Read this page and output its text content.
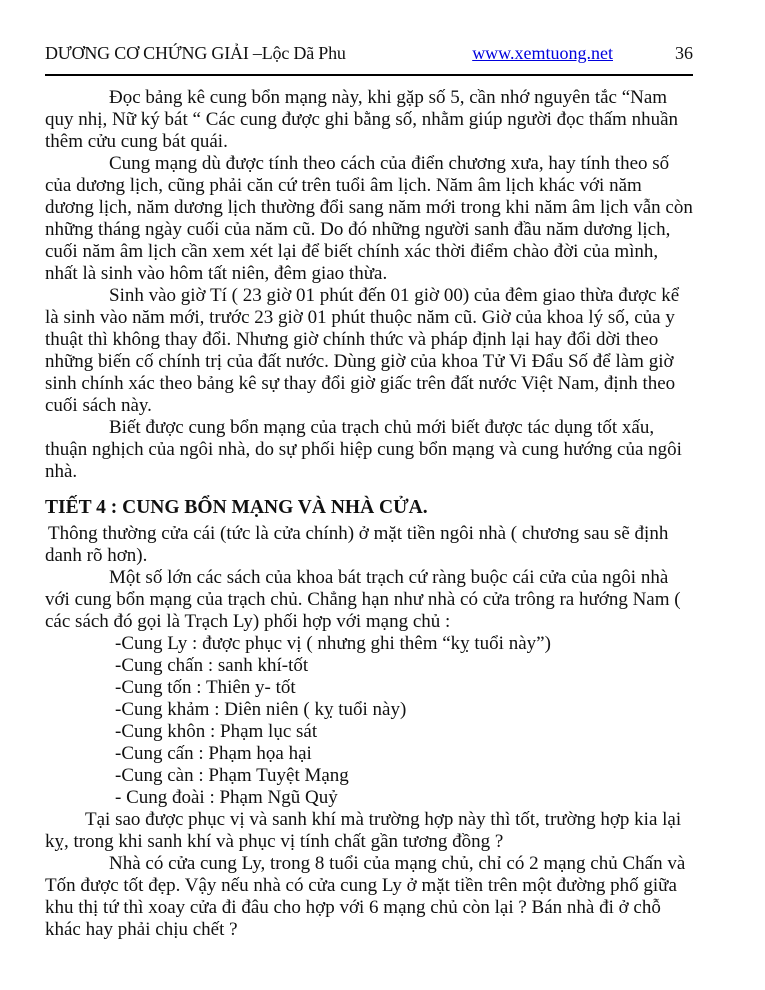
DƯƠNG CƠ CHỨNG GIẢI –Lộc Dã Phu	www.xemtuong.net	36

Đọc bảng kê cung bổn mạng này, khi gặp số 5, cần nhớ nguyên tắc “Nam quy nhị, Nữ ký bát “ Các cung được ghi bằng số, nhằm giúp người đọc thấm nhuần thêm cửu cung bát quái.

Cung mạng dù được tính theo cách của điển chương xưa, hay tính theo số của dương lịch, cũng phải căn cứ trên tuổi âm lịch. Năm âm lịch khác với năm dương lịch, năm dương lịch thường đổi sang năm mới trong khi năm âm lịch vẫn còn những tháng ngày cuối của năm cũ. Do đó những người sanh đầu năm dương lịch, cuối năm âm lịch cần xem xét lại để biết chính xác thời điểm chào đời của mình, nhất là sinh vào hôm tất niên, đêm giao thừa.

Sinh vào giờ Tí ( 23 giờ 01 phút đến 01 giờ 00) của đêm giao thừa được kể là sinh vào năm mới, trước 23 giờ 01 phút thuộc năm cũ. Giờ của khoa lý số, của y thuật thì không thay đổi. Nhưng giờ chính thức và pháp định lại hay đổi dời theo những biến cố chính trị của đất nước. Dùng giờ của khoa Tử Vi Đẩu Số để làm giờ sinh chính xác theo bảng kê sự thay đổi giờ giấc trên đất nước Việt Nam, định theo cuối sách này.

Biết được cung bổn mạng của trạch chủ mới biết được tác dụng tốt xấu, thuận nghịch của ngôi nhà, do sự phối hiệp cung bổn mạng và cung hướng của ngôi nhà.

TIẾT 4 : CUNG BỔN MẠNG VÀ NHÀ CỬA.

Thông thường cửa cái (tức là cửa chính) ở mặt tiền ngôi nhà ( chương sau sẽ định danh rõ hơn).

Một số lớn các sách của khoa bát trạch cứ ràng buộc cái cửa của ngôi nhà với cung bổn mạng của trạch chủ. Chẳng hạn như nhà có cửa trông ra hướng Nam ( các sách đó gọi là Trạch Ly) phối hợp với mạng chủ :

-Cung Ly : được phục vị ( nhưng ghi thêm “kỵ tuổi này”)
-Cung chấn : sanh khí-tốt
-Cung tốn : Thiên y- tốt
-Cung khảm : Diên niên ( kỵ tuổi này)
-Cung khôn : Phạm lục sát
-Cung cấn : Phạm họa hại
-Cung càn : Phạm Tuyệt Mạng
- Cung đoài : Phạm Ngũ Quỷ

Tại sao được phục vị và sanh khí mà trường hợp này thì tốt, trường hợp kia lại kỵ, trong khi sanh khí và phục vị tính chất gần tương đồng ?

Nhà có cửa cung Ly, trong 8 tuổi của mạng chủ, chỉ có 2 mạng chủ Chấn và Tốn được tốt đẹp. Vậy nếu nhà có cửa cung Ly ở mặt tiền trên một đường phố giữa khu thị tứ thì xoay cửa đi đâu cho hợp với 6 mạng chủ còn lại ? Bán nhà đi ở chỗ khác hay phải chịu chết ?
